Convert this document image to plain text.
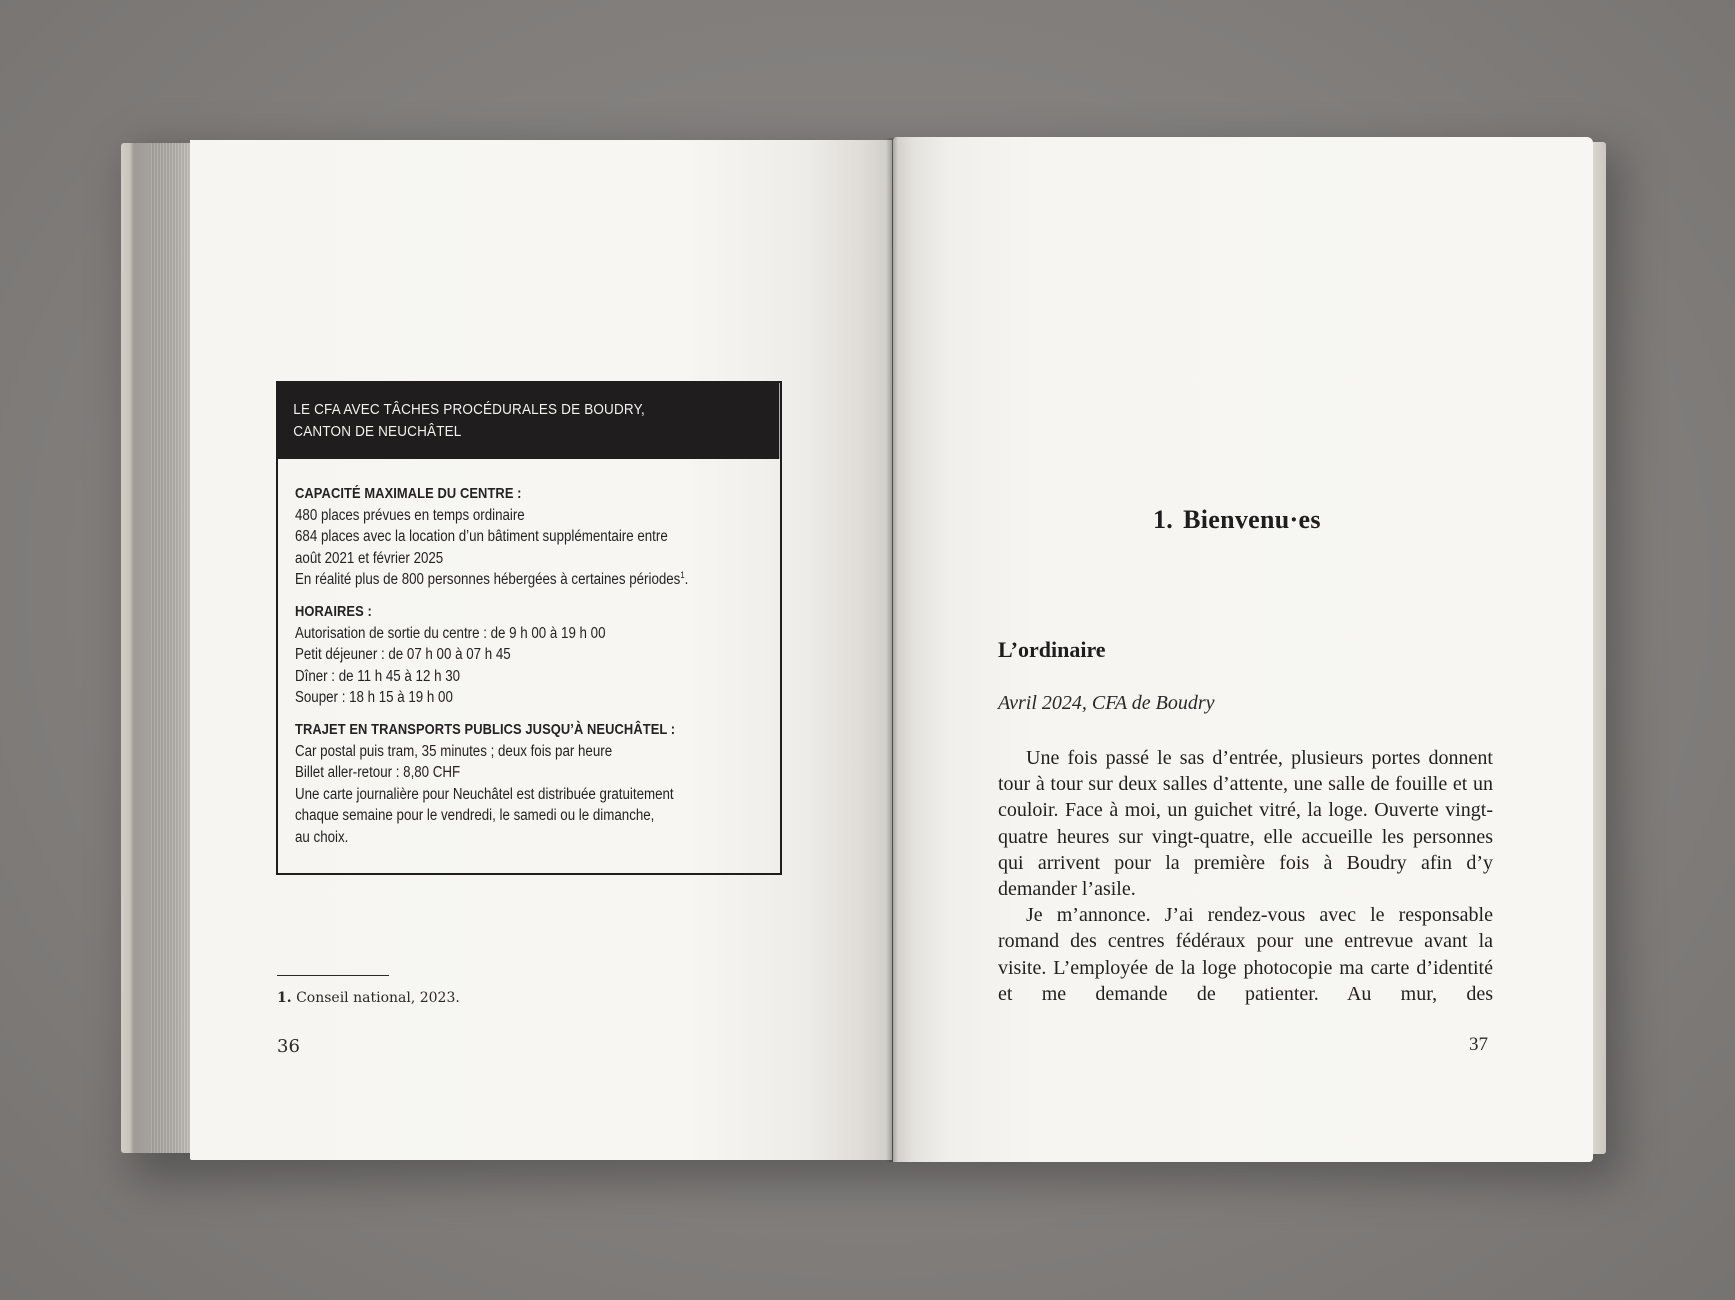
LE CFA AVEC TÂCHES PROCÉDURALES DE BOUDRY,
CANTON DE NEUCHÂTEL
CAPACITÉ MAXIMALE DU CENTRE :
480 places prévues en temps ordinaire
684 places avec la location d’un bâtiment supplémentaire entre
août 2021 et février 2025
En réalité plus de 800 personnes hébergées à certaines périodes$^1$.
HORAIRES :
Autorisation de sortie du centre : de 9 h 00 à 19 h 00
Petit déjeuner : de 07 h 00 à 07 h 45
Dîner : de 11 h 45 à 12 h 30
Souper : 18 h 15 à 19 h 00
TRAJET EN TRANSPORTS PUBLICS JUSQU’À NEUCHÂTEL :
Car postal puis tram, 35 minutes ; deux fois par heure
Billet aller-retour : 8,80 CHF
Une carte journalière pour Neuchâtel est distribuée gratuitement
chaque semaine pour le vendredi, le samedi ou le dimanche,
au choix.
1. Conseil national, 2023.
36
1. Bienvenu·es
L’ordinaire
Avril 2024, CFA de Boudry

Une fois passé le sas d’entrée, plusieurs portes donnent tour à tour sur deux salles d’attente, une salle de fouille et un couloir. Face à moi, un guichet vitré, la loge. Ouverte vingt-quatre heures sur vingt-quatre, elle accueille les personnes qui arrivent pour la première fois à Boudry afin d’y demander l’asile.

Je m’annonce. J’ai rendez-vous avec le responsable romand des centres fédéraux pour une entrevue avant la visite. L’employée de la loge photocopie ma carte d’identité et me demande de patienter. Au mur, des

37
